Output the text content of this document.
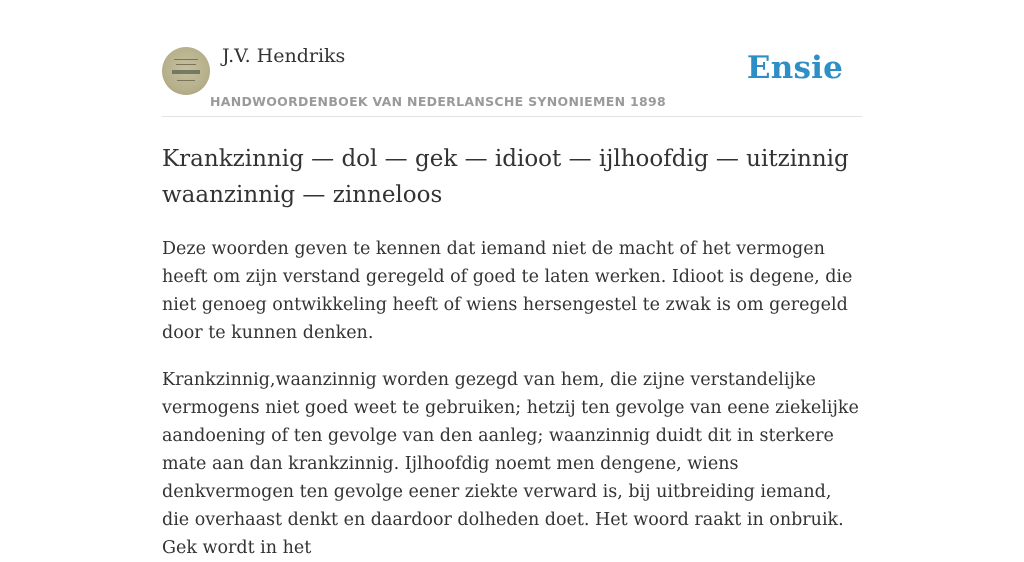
J.V. Hendriks
HANDWOORDENBOEK VAN NEDERLANSCHE SYNONIEMEN 1898
Ensie
Krankzinnig — dol — gek — idioot — ijlhoofdig — uitzinnig waanzinnig — zinneloos

Deze woorden geven te kennen dat iemand niet de macht of het vermogen heeft om zijn verstand geregeld of goed te laten werken. Idioot is degene, die niet genoeg ontwikkeling heeft of wiens hersengestel te zwak is om geregeld door te kunnen denken.

Krankzinnig,waanzinnig worden gezegd van hem, die zijne verstandelijke vermogens niet goed weet te gebruiken; hetzij ten gevolge van eene ziekelijke aandoening of ten gevolge van den aanleg; waanzinnig duidt dit in sterkere mate aan dan krankzinnig. Ijlhoofdig noemt men dengene, wiens denkvermogen ten gevolge eener ziekte verward is, bij uitbreiding iemand, die overhaast denkt en daardoor dolheden doet. Het woord raakt in onbruik. Gek wordt in het
